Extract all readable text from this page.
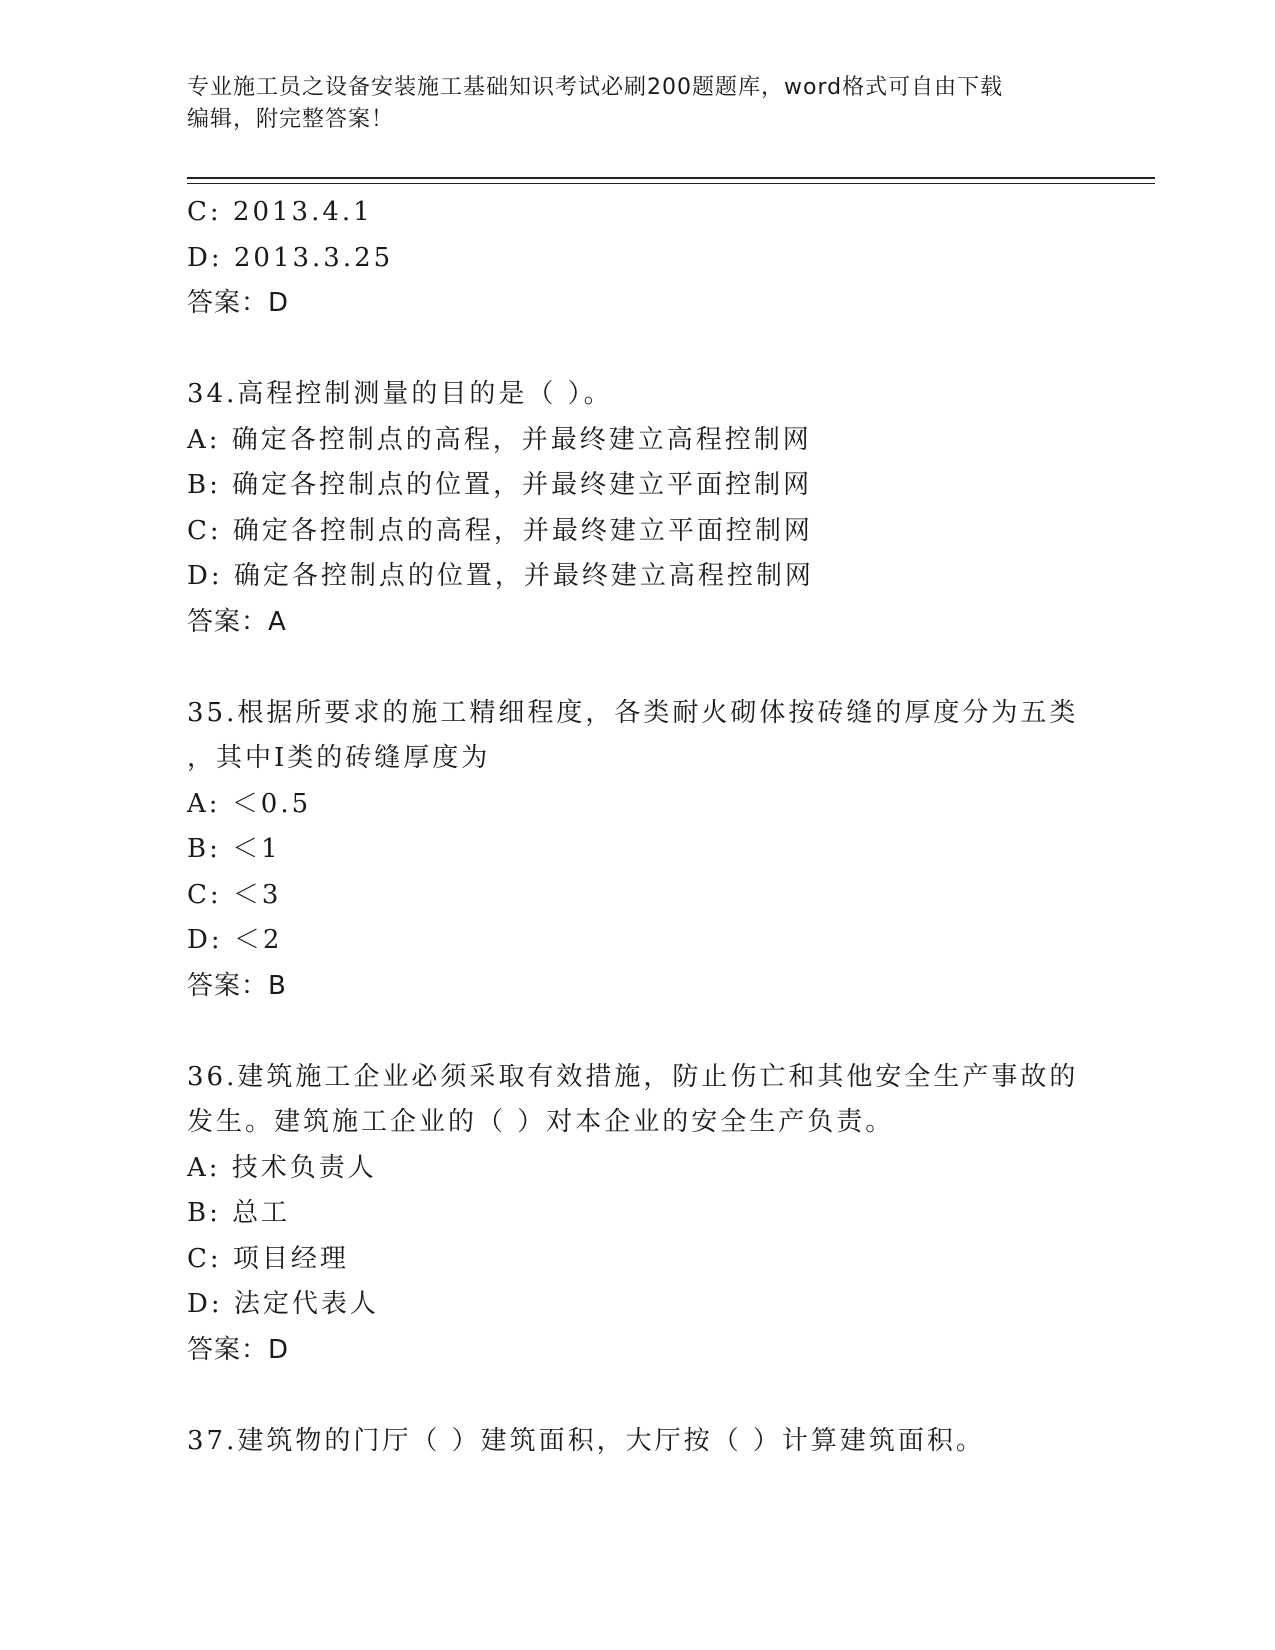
专业施工员之设备安装施工基础知识考试必刷200题题库，word格式可自由下载
编辑，附完整答案！
C: 2013.4.1
D: 2013.3.25
答案：D
34.高程控制测量的目的是（ ）。
A: 确定各控制点的高程，并最终建立高程控制网
B: 确定各控制点的位置，并最终建立平面控制网
C: 确定各控制点的高程，并最终建立平面控制网
D: 确定各控制点的位置，并最终建立高程控制网
答案：A
35.根据所要求的施工精细程度，各类耐火砌体按砖缝的厚度分为五类
，其中Ⅰ类的砖缝厚度为
A: ＜0.5
B: ＜1
C: ＜3
D: ＜2
答案：B
36.建筑施工企业必须采取有效措施，防止伤亡和其他安全生产事故的
发生。建筑施工企业的（ ）对本企业的安全生产负责。
A: 技术负责人
B: 总工
C: 项目经理
D: 法定代表人
答案：D
37.建筑物的门厅（ ）建筑面积，大厅按（ ）计算建筑面积。
